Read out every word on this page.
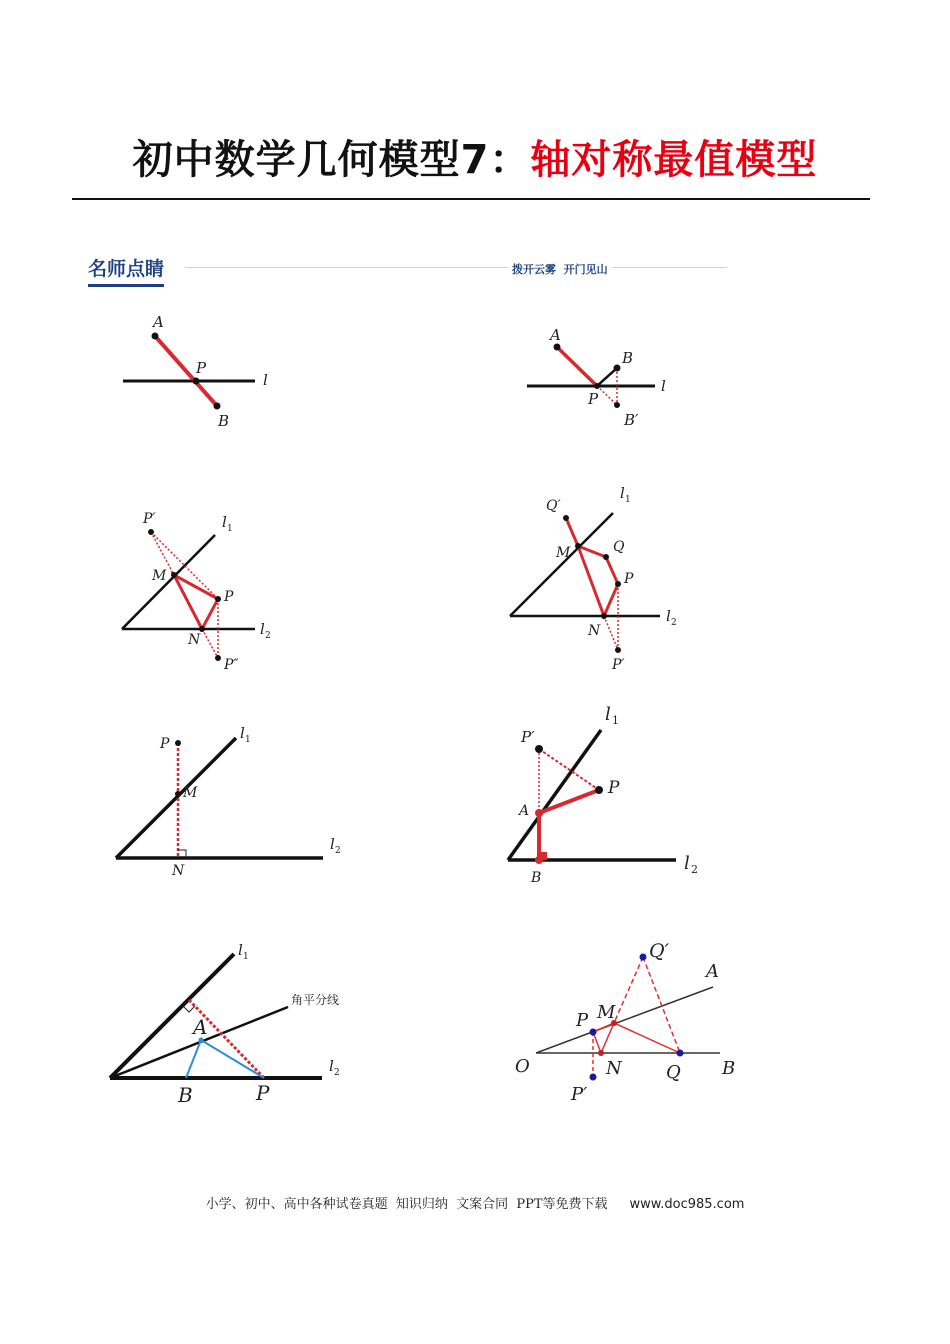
初中数学几何模型7：轴对称最值模型
名师点睛	拨开云雾  开门见山
A
P
B
l
A
B
P
B′
l
P′	l 1
M
P
N
P″
l 2
Q′
l 1
M	Q
P
N
l 2
P′
P
l 1
M
l 2
N
P′
l 1
P
A
l 2
B
l 1
角平分线
A
l 2
B	P
Q′
A
M
P
O	N Q B
P′
小学、初中、高中各种试卷真题  知识归纳  文案合同  PPT等免费下载 www.doc985.com
